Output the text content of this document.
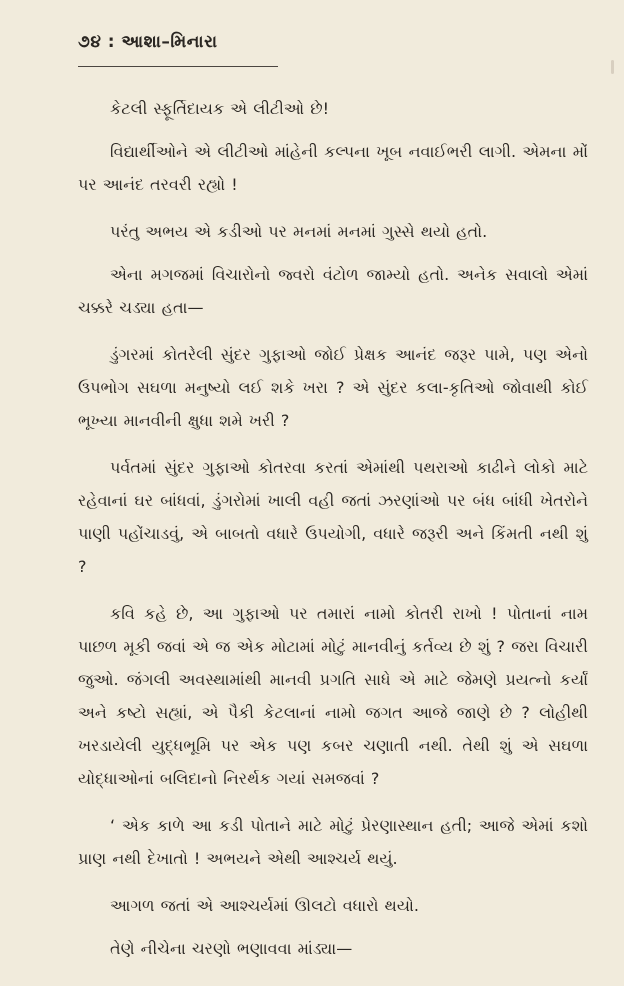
૭૪ : આશા–મિનારા

કેટલી સ્ફૂર્તિદાયક એ લીટીઓ છે!

વિદ્યાર્થીઓને એ લીટીઓ માંહેની કલ્પના ખૂબ નવાઈભરી લાગી. એમના મોં પર આનંદ તરવરી રહ્યો !

પરંતુ અભય એ કડીઓ પર મનમાં મનમાં ગુસ્સે થયો હતો.

એના મગજમાં વિચારોનો જ્વરો વંટોળ જામ્યો હતો. અનેક સવાલો એમાં ચક્કરે ચડ્યા હતા—

ડુંગરમાં કોતરેલી સુંદર ગુફાઓ જોઈ પ્રેક્ષક આનંદ જરૂર પામે, પણ એનો ઉપભોગ સઘળા મનુષ્યો લઈ શકે ખરા ? એ સુંદર કલા-કૃતિઓ જોવાથી કોઈ ભૂખ્યા માનવીની ક્ષુધા શમે ખરી ?

પર્વતમાં સુંદર ગુફાઓ કોતરવા કરતાં એમાંથી પથરાઓ કાઢીને લોકો માટે રહેવાનાં ઘર બાંધવાં, ડુંગરોમાં ખાલી વહી જતાં ઝરણાંઓ પર બંધ બાંધી ખેતરોને પાણી પહોંચાડવું, એ બાબતો વધારે ઉપયોગી, વધારે જરૂરી અને કિંમતી નથી શું ?

કવિ કહે છે, આ ગુફાઓ પર તમારાં નામો કોતરી રાખો ! પોતાનાં નામ પાછળ મૂકી જવાં એ જ એક મોટામાં મોટું માનવીનું કર્તવ્ય છે શું ? જરા વિચારી જુઓ. જંગલી અવસ્થામાંથી માનવી પ્રગતિ સાધે એ માટે જેમણે પ્રયત્નો કર્યાં અને કષ્ટો સહ્યાં, એ પૈકી કેટલાનાં નામો જગત આજે જાણે છે ? લોહીથી ખરડાયેલી યુદ્ધભૂમિ પર એક પણ કબર ચણાતી નથી. તેથી શું એ સઘળા યોદ્ધાઓનાં બલિદાનો નિરર્થક ગયાં સમજવાં ?

‘ એક કાળે આ કડી પોતાને માટે મોટું પ્રેરણાસ્થાન હતી; આજે એમાં કશો પ્રાણ નથી દેખાતો ! અભયને એથી આશ્ચર્ય થયું.

આગળ જતાં એ આશ્ચર્યમાં ઊલટો વધારો થયો.

તેણે નીચેના ચરણો ભણાવવા માંડ્યા—
